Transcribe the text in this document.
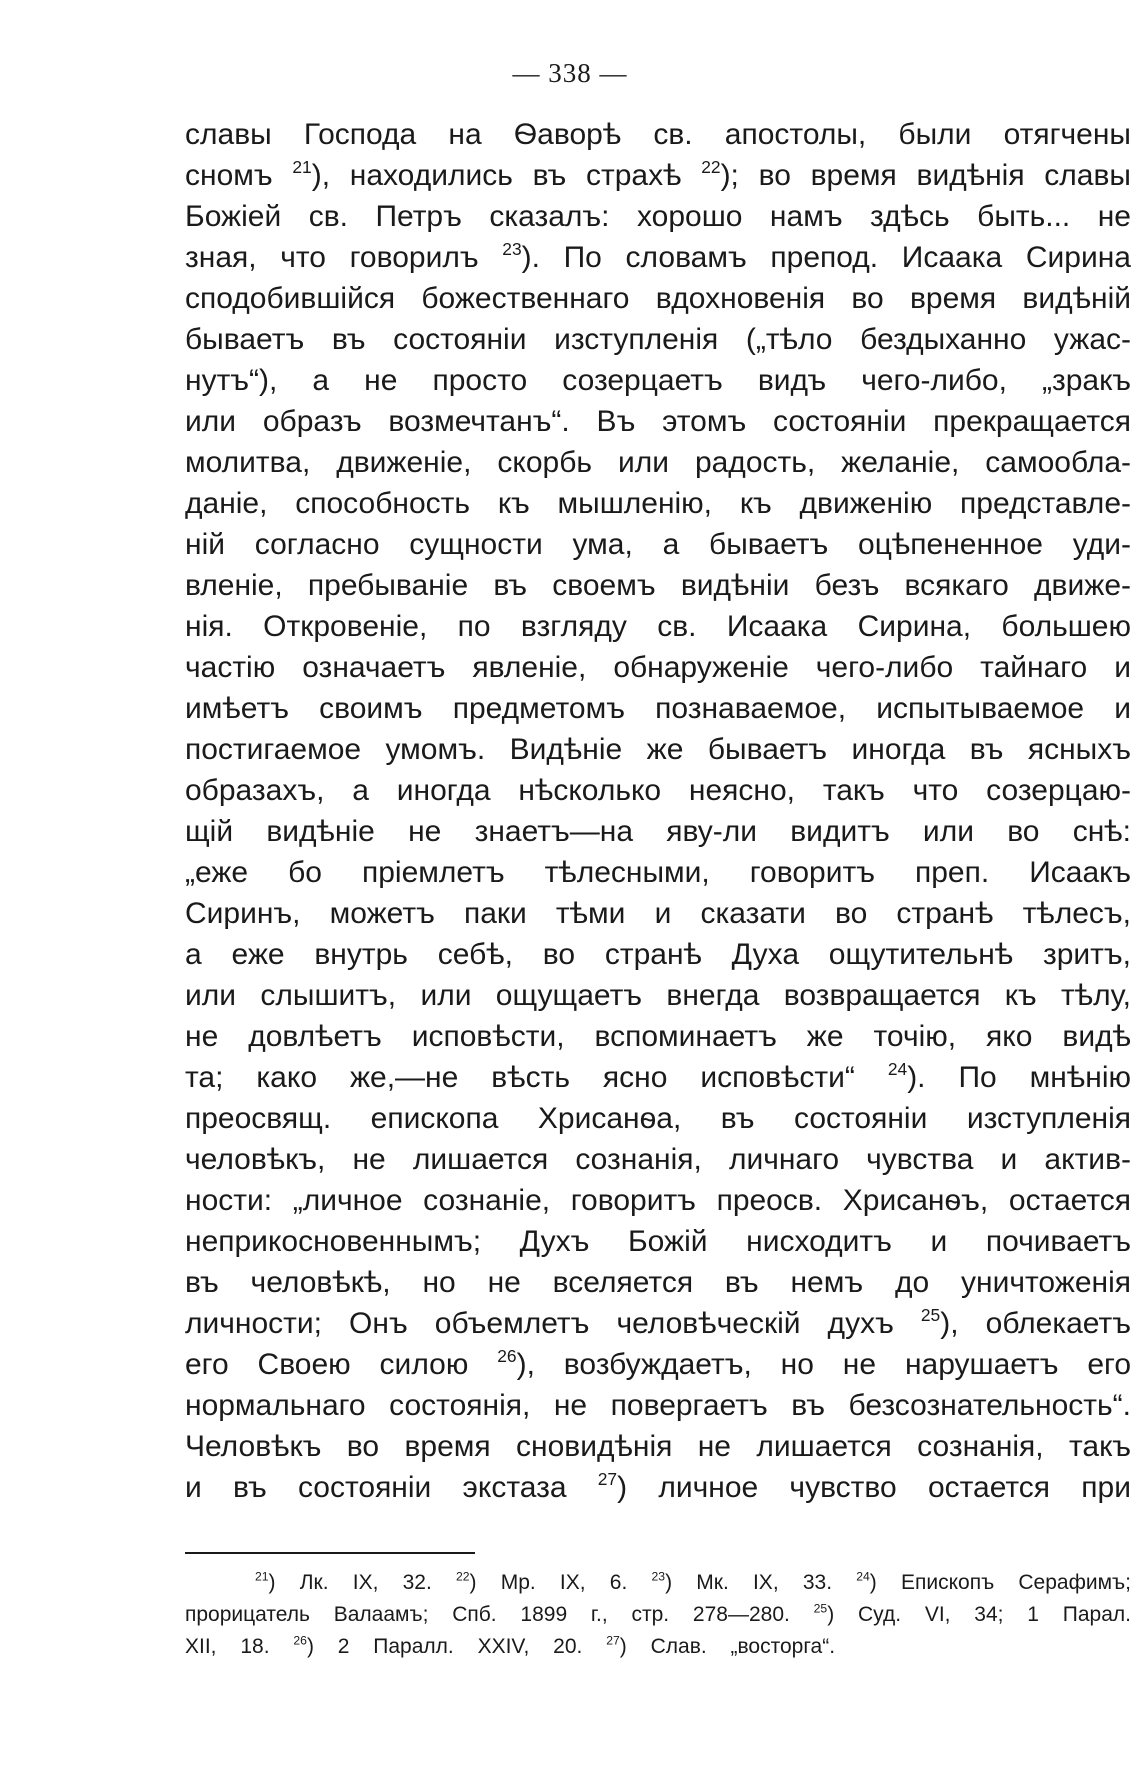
— 338 —
славы Господа на Ѳаворѣ св. апостолы, были отягчены
сномъ $^{21}$), находились въ страхѣ $^{22}$); во время видѣнія славы
Божіей св. Петръ сказалъ: хорошо намъ здѣсь быть... не
зная, что говорилъ $^{23}$). По словамъ препод. Исаака Сирина
сподобившійся божественнаго вдохновенія во время видѣній
бываетъ въ состояніи изступленія („тѣло бездыханно ужас-
нутъ“), а не просто созерцаетъ видъ чего-либо, „зракъ
или образъ возмечтанъ“. Въ этомъ состояніи прекращается
молитва, движеніе, скорбь или радость, желаніе, самообла-
даніе, способность къ мышленію, къ движенію представле-
ній согласно сущности ума, а бываетъ оцѣпененное уди-
вленіе, пребываніе въ своемъ видѣніи безъ всякаго движе-
нія. Откровеніе, по взгляду св. Исаака Сирина, большею
частію означаетъ явленіе, обнаруженіе чего-либо тайнаго и
имѣетъ своимъ предметомъ познаваемое, испытываемое и
постигаемое умомъ. Видѣніе же бываетъ иногда въ ясныхъ
образахъ, а иногда нѣсколько неясно, такъ что созерцаю-
щій видѣніе не знаетъ—на яву-ли видитъ или во снѣ:
„еже бо пріемлетъ тѣлесными, говоритъ преп. Исаакъ
Сиринъ, можетъ паки тѣми и сказати во странѣ тѣлесъ,
а еже внутрь себѣ, во странѣ Духа ощутительнѣ зритъ,
или слышитъ, или ощущаетъ внегда возвращается къ тѣлу,
не довлѣетъ исповѣсти, вспоминаетъ же точію, яко видѣ
та; како же,—не вѣсть ясно исповѣсти“ $^{24}$). По мнѣнію
преосвящ. епископа Хрисанѳа, въ состояніи изступленія
человѣкъ, не лишается сознанія, личнаго чувства и актив-
ности: „личное сознаніе, говоритъ преосв. Хрисанѳъ, остается
неприкосновеннымъ; Духъ Божій нисходитъ и почиваетъ
въ человѣкѣ, но не вселяется въ немъ до уничтоженія
личности; Онъ объемлетъ человѣческій духъ $^{25}$), облекаетъ
его Своею силою $^{26}$), возбуждаетъ, но не нарушаетъ его
нормальнаго состоянія, не повергаетъ въ безсознательность“.
Человѣкъ во время сновидѣнія не лишается сознанія, такъ
и въ состояніи экстаза $^{27}$) личное чувство остается при
$^{21}$) Лк. IX, 32. $^{22}$) Мр. IX, 6. $^{23}$) Мк. IX, 33. $^{24}$) Епископъ Серафимъ;
прорицатель Валаамъ; Спб. 1899 г., стр. 278—280. $^{25}$) Суд. VI, 34; 1 Парал.
XII, 18. $^{26}$) 2 Паралл. XXIV, 20. $^{27}$) Слав. „восторга“.
